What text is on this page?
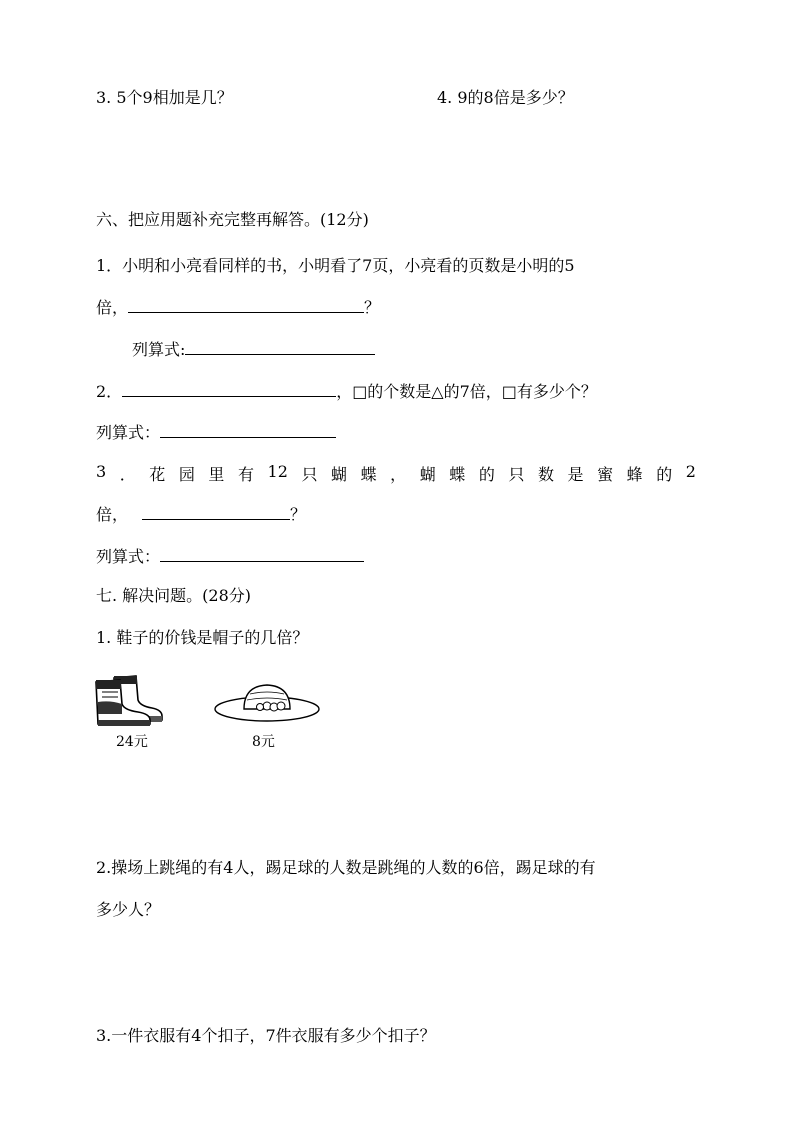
3. 5个9相加是几？	4. 9的8倍是多少？
六、把应用题补充完整再解答。(12分)
1．小明和小亮看同样的书，小明看了7页，小亮看的页数是小明的5
倍，	？
列算式:
2．	，□的个数是△的7倍，□有多少个？
列算式：
3 ． 花 园 里 有 12 只 蝴 蝶 ， 蝴 蝶 的 只 数 是 蜜 蜂 的 2
倍，	？
列算式：
七. 解决问题。(28分)
1. 鞋子的价钱是帽子的几倍？
24元	8元
2.操场上跳绳的有4人，踢足球的人数是跳绳的人数的6倍，踢足球的有
多少人？
3.一件衣服有4个扣子，7件衣服有多少个扣子？
